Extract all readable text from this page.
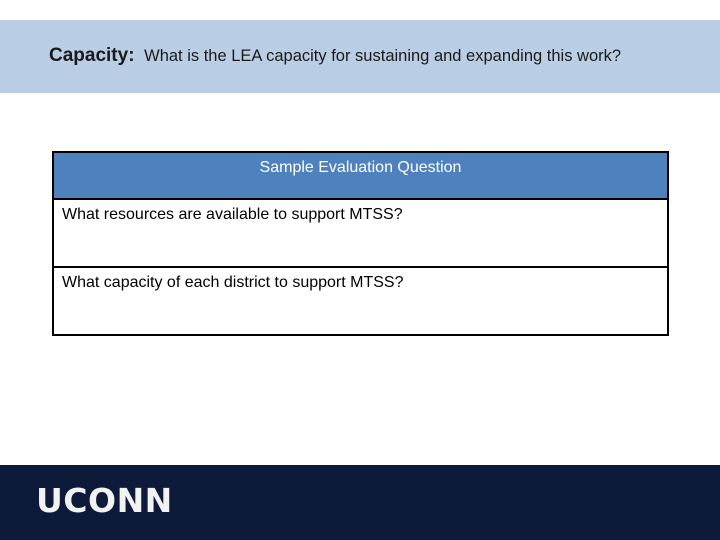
Capacity: What is the LEA capacity for sustaining and expanding this work?
Sample Evaluation Question
What resources are available to support MTSS?
What capacity of each district to support MTSS?
UCONN
